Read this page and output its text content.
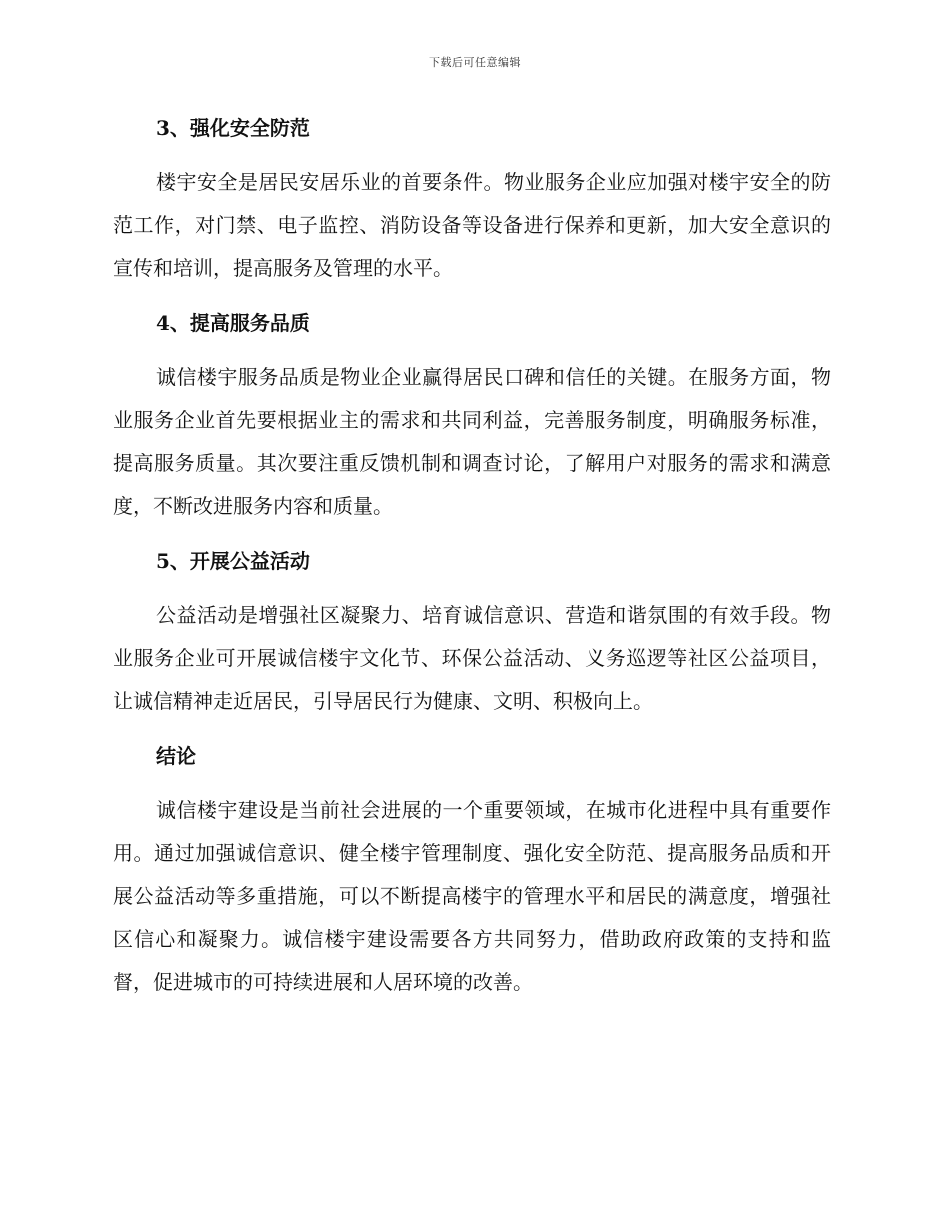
下载后可任意编辑
3、强化安全防范

楼宇安全是居民安居乐业的首要条件。物业服务企业应加强对楼宇安全的防范工作，对门禁、电子监控、消防设备等设备进行保养和更新，加大安全意识的宣传和培训，提高服务及管理的水平。

4、提高服务品质

诚信楼宇服务品质是物业企业赢得居民口碑和信任的关键。在服务方面，物业服务企业首先要根据业主的需求和共同利益，完善服务制度，明确服务标准，提高服务质量。其次要注重反馈机制和调查讨论，了解用户对服务的需求和满意度，不断改进服务内容和质量。

5、开展公益活动

公益活动是增强社区凝聚力、培育诚信意识、营造和谐氛围的有效手段。物业服务企业可开展诚信楼宇文化节、环保公益活动、义务巡逻等社区公益项目，让诚信精神走近居民，引导居民行为健康、文明、积极向上。

结论

诚信楼宇建设是当前社会进展的一个重要领域，在城市化进程中具有重要作用。通过加强诚信意识、健全楼宇管理制度、强化安全防范、提高服务品质和开展公益活动等多重措施，可以不断提高楼宇的管理水平和居民的满意度，增强社区信心和凝聚力。诚信楼宇建设需要各方共同努力，借助政府政策的支持和监督，促进城市的可持续进展和人居环境的改善。
